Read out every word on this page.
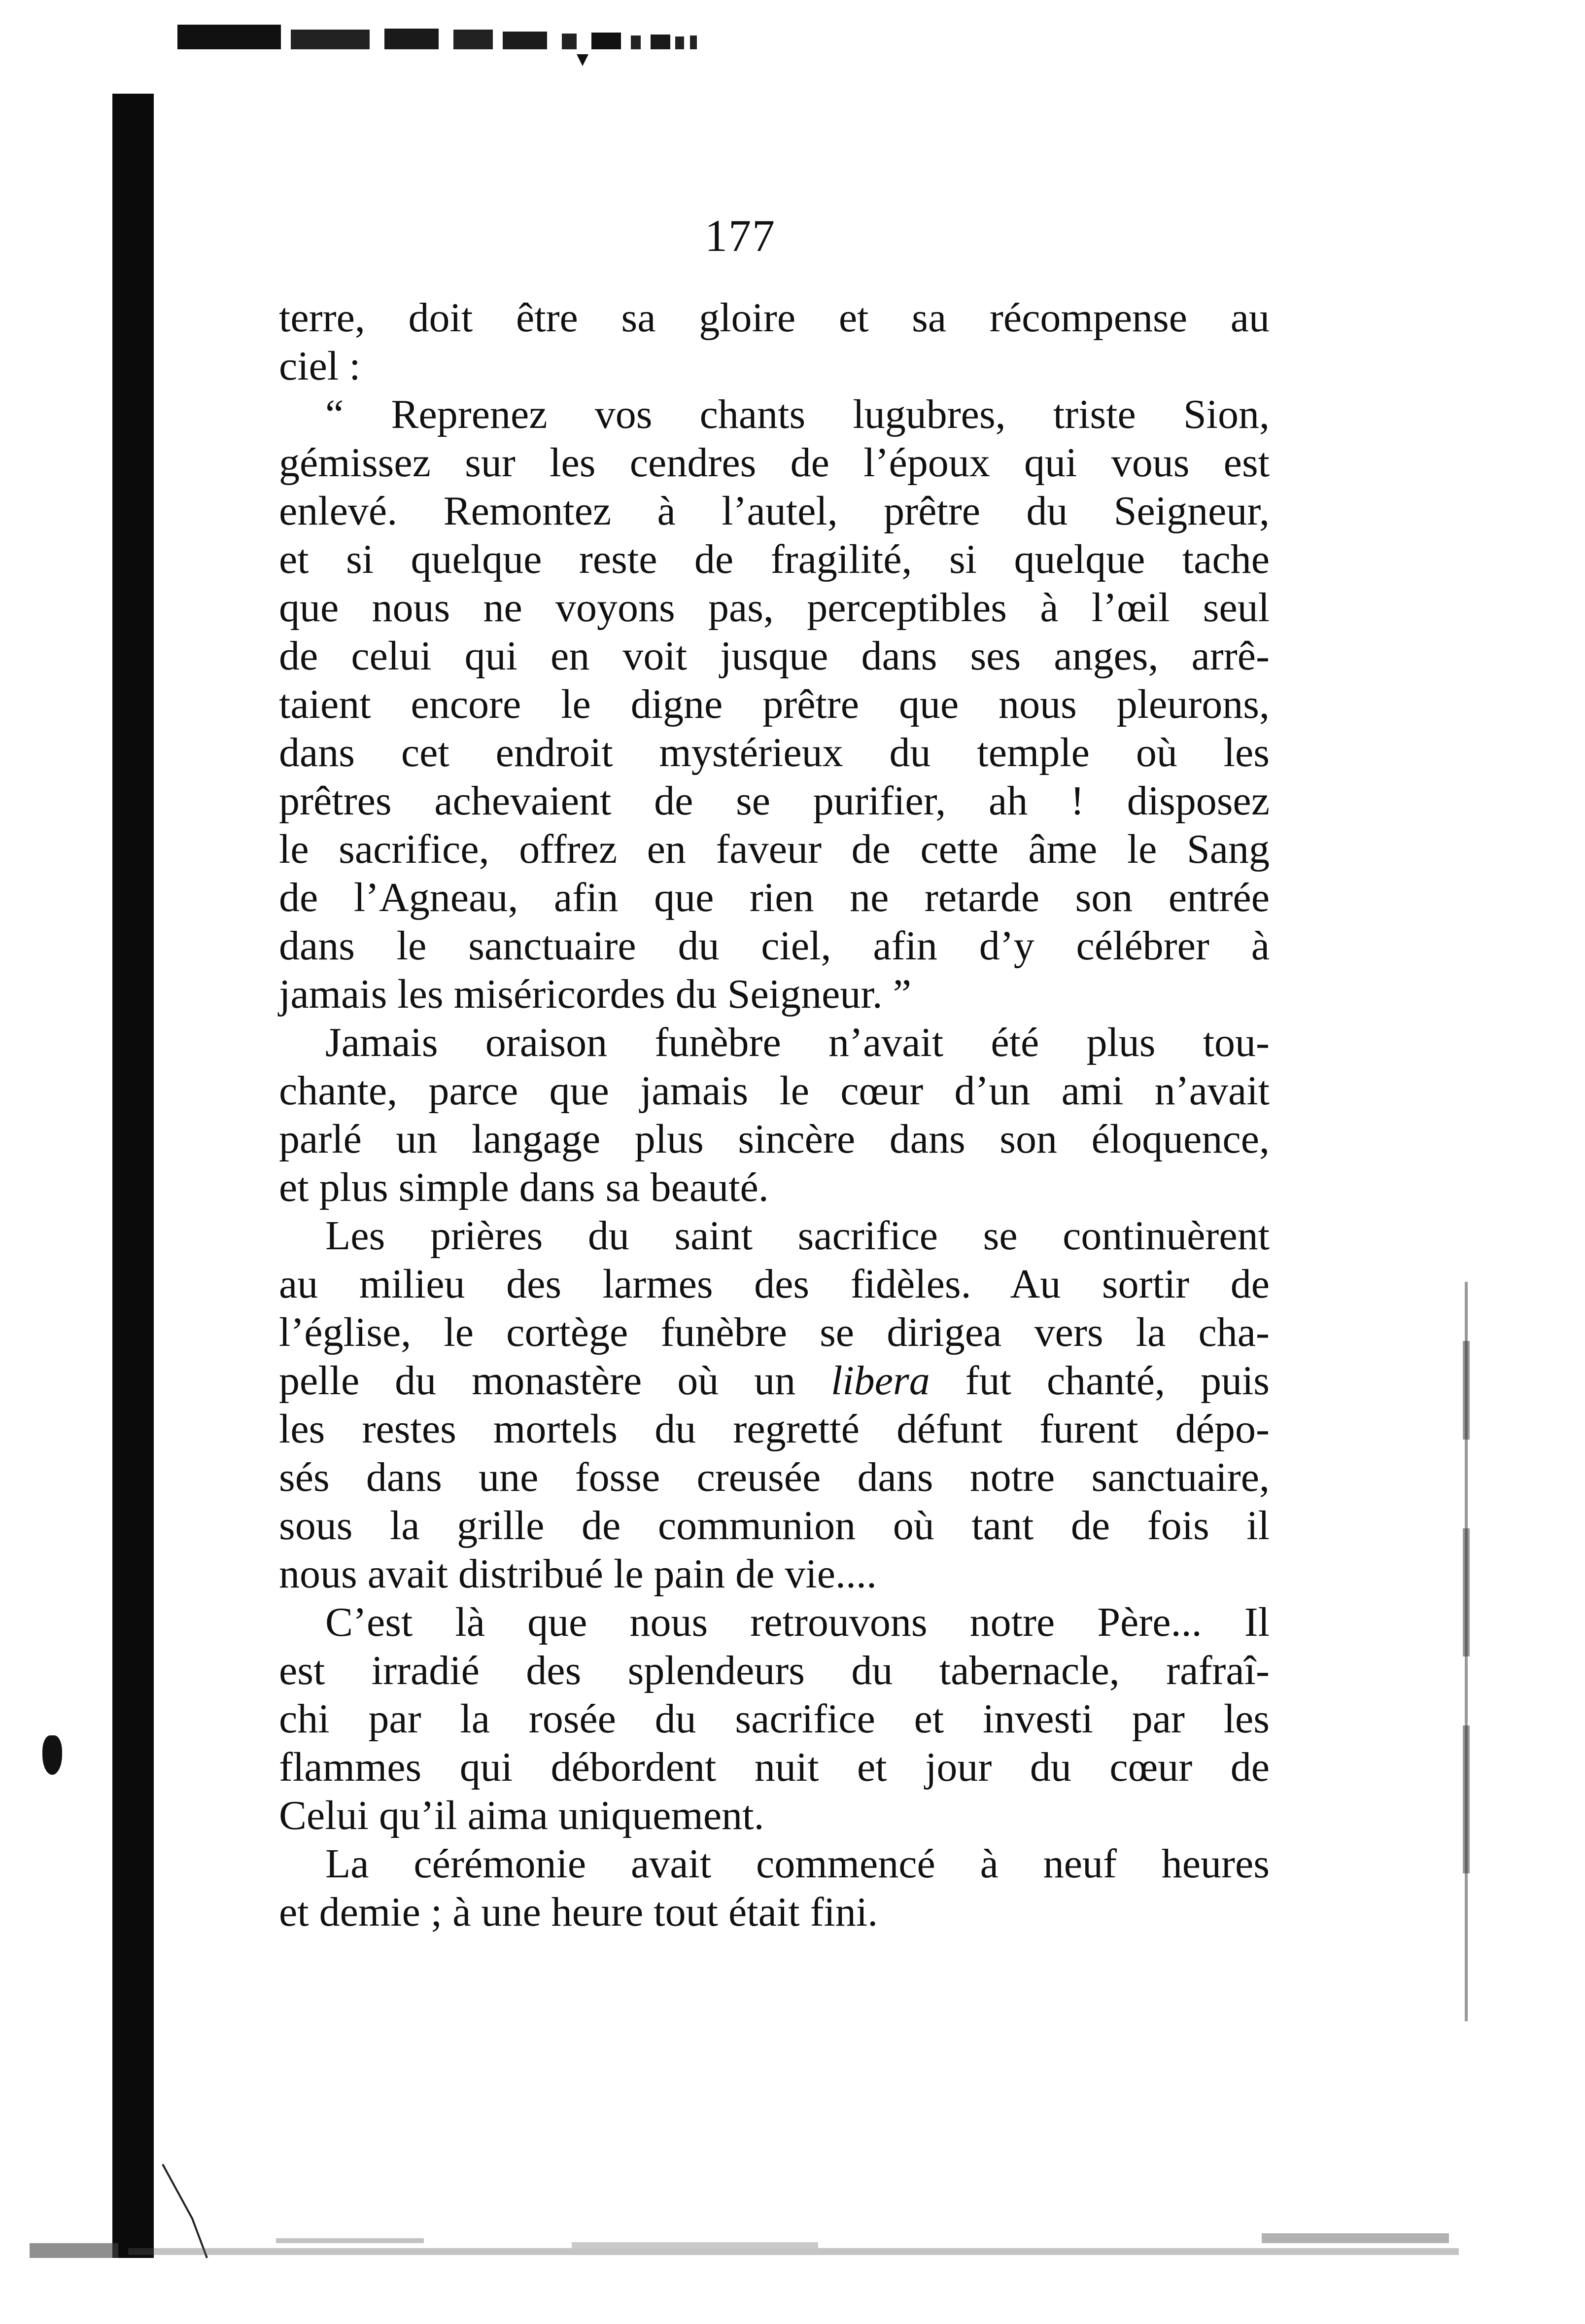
177
terre, doit être sa gloire et sa récompense au
ciel :
“ Reprenez vos chants lugubres, triste Sion,
gémissez sur les cendres de l’époux qui vous est
enlevé. Remontez à l’autel, prêtre du Seigneur,
et si quelque reste de fragilité, si quelque tache
que nous ne voyons pas, perceptibles à l’œil seul
de celui qui en voit jusque dans ses anges, arrê-
taient encore le digne prêtre que nous pleurons,
dans cet endroit mystérieux du temple où les
prêtres achevaient de se purifier, ah ! disposez
le sacrifice, offrez en faveur de cette âme le Sang
de l’Agneau, afin que rien ne retarde son entrée
dans le sanctuaire du ciel, afin d’y célébrer à
jamais les miséricordes du Seigneur. ”
Jamais oraison funèbre n’avait été plus tou-
chante, parce que jamais le cœur d’un ami n’avait
parlé un langage plus sincère dans son éloquence,
et plus simple dans sa beauté.
Les prières du saint sacrifice se continuèrent
au milieu des larmes des fidèles. Au sortir de
l’église, le cortège funèbre se dirigea vers la cha-
pelle du monastère où un libera fut chanté, puis
les restes mortels du regretté défunt furent dépo-
sés dans une fosse creusée dans notre sanctuaire,
sous la grille de communion où tant de fois il
nous avait distribué le pain de vie....
C’est là que nous retrouvons notre Père... Il
est irradié des splendeurs du tabernacle, rafraî-
chi par la rosée du sacrifice et investi par les
flammes qui débordent nuit et jour du cœur de
Celui qu’il aima uniquement.
La cérémonie avait commencé à neuf heures
et demie ; à une heure tout était fini.
